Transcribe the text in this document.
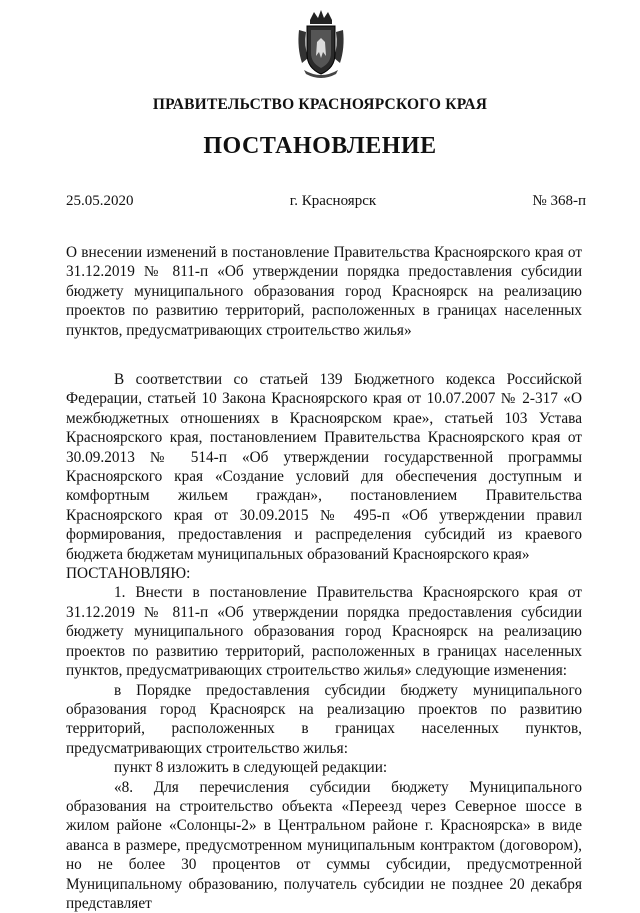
ПРАВИТЕЛЬСТВО КРАСНОЯРСКОГО КРАЯ
ПОСТАНОВЛЕНИЕ
25.05.2020	г. Красноярск	№ 368-п
О внесении изменений в постановление Правительства Красноярского края от 31.12.2019 № 811-п «Об утверждении порядка предоставления субсидии бюджету муниципального образования город Красноярск на реализацию проектов по развитию территорий, расположенных в границах населенных пунктов, предусматривающих строительство жилья»

В соответствии со статьей 139 Бюджетного кодекса Российской Федерации, статьей 10 Закона Красноярского края от 10.07.2007 № 2-317 «О межбюджетных отношениях в Красноярском крае», статьей 103 Устава Красноярского края, постановлением Правительства Красноярского края от 30.09.2013 № 514-п «Об утверждении государственной программы Красноярского края «Создание условий для обеспечения доступным и комфортным жильем граждан», постановлением Правительства Красноярского края от 30.09.2015 № 495-п «Об утверждении правил формирования, предоставления и распределения субсидий из краевого бюджета бюджетам муниципальных образований Красноярского края»

ПОСТАНОВЛЯЮ:

1. Внести в постановление Правительства Красноярского края от 31.12.2019 № 811-п «Об утверждении порядка предоставления субсидии бюджету муниципального образования город Красноярск на реализацию проектов по развитию территорий, расположенных в границах населенных пунктов, предусматривающих строительство жилья» следующие изменения:

в Порядке предоставления субсидии бюджету муниципального образования город Красноярск на реализацию проектов по развитию территорий, расположенных в границах населенных пунктов, предусматривающих строительство жилья:

пункт 8 изложить в следующей редакции:

«8. Для перечисления субсидии бюджету Муниципального образования на строительство объекта «Переезд через Северное шоссе в жилом районе «Солонцы-2» в Центральном районе г. Красноярска» в виде аванса в размере, предусмотренном муниципальным контрактом (договором), но не более 30 процентов от суммы субсидии, предусмотренной Муниципальному образованию, получатель субсидии не позднее 20 декабря представляет
